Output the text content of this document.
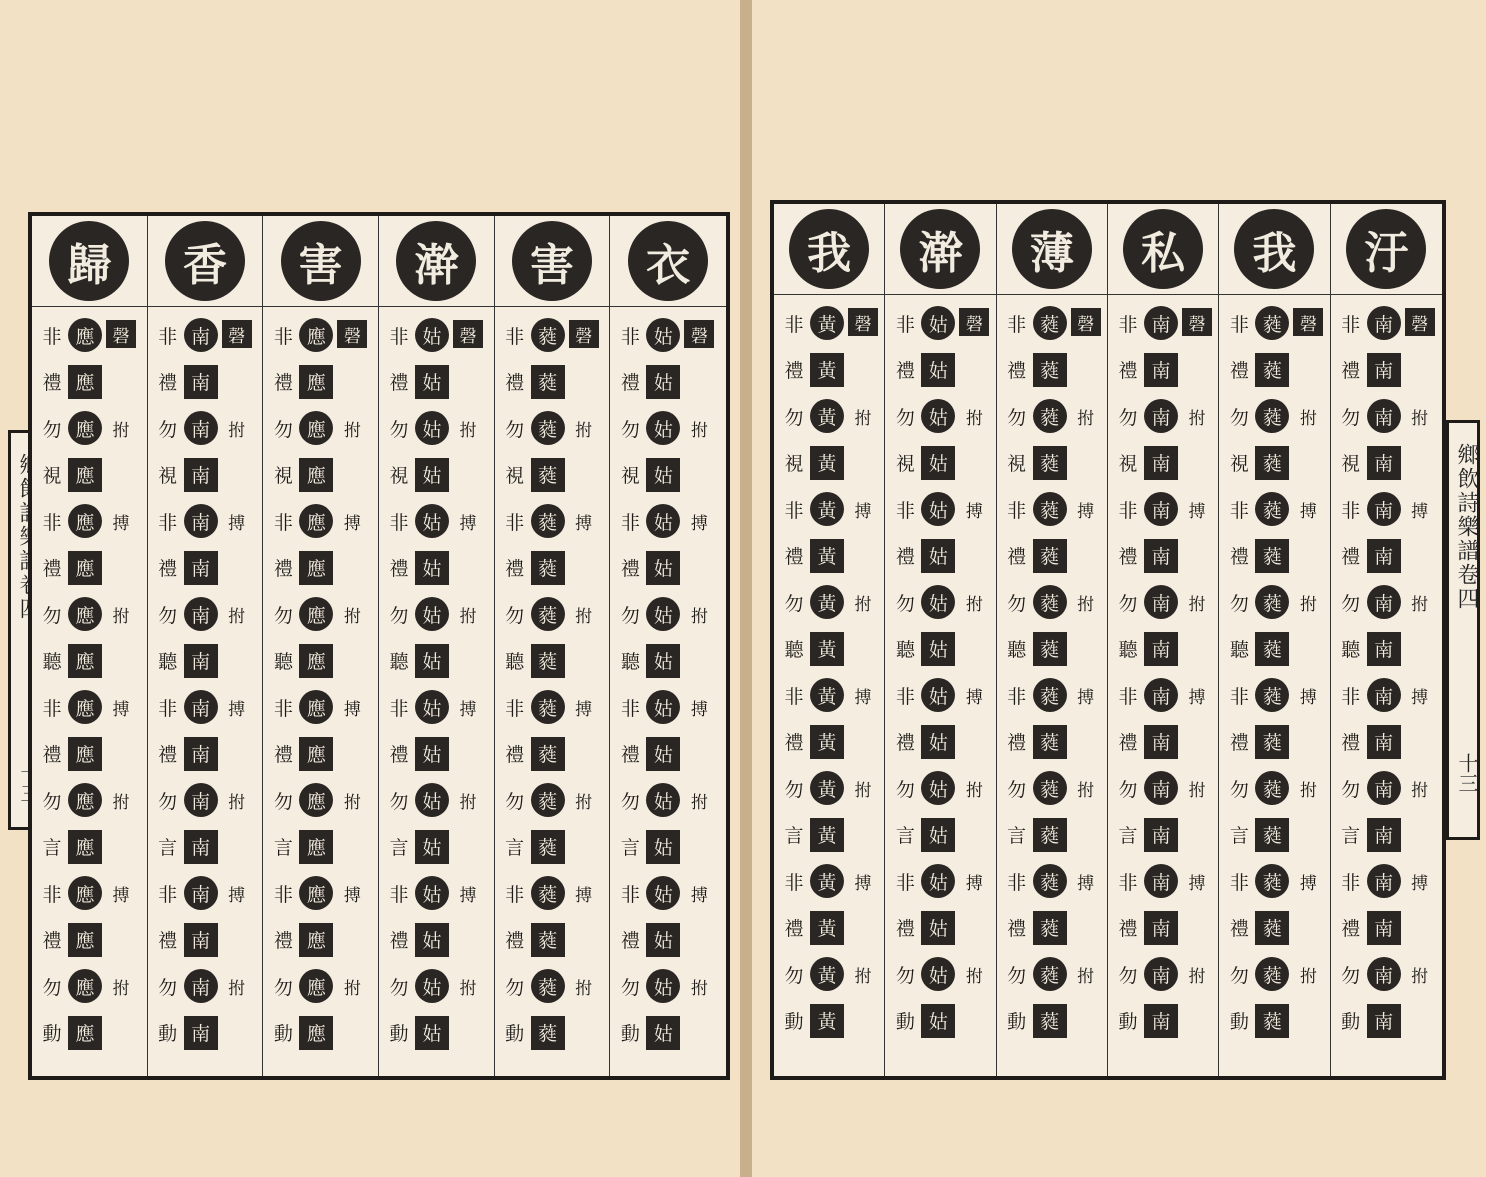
鄉飲詩樂譜卷四
十三
歸
非 應	磬
禮 應
勿 應	拊
視 應
非 應	搏
禮 應
勿 應	拊
聽 應
非 應	搏
禮 應
勿 應	拊
言 應
非 應	搏
禮 應
勿 應	拊
動 應
香
非 南	磬
禮 南
勿 南	拊
視 南
非 南	搏
禮 南
勿 南	拊
聽 南
非 南	搏
禮 南
勿 南	拊
言 南
非 南	搏
禮 南
勿 南	拊
動 南
害
非 應	磬
禮 應
勿 應	拊
視 應
非 應	搏
禮 應
勿 應	拊
聽 應
非 應	搏
禮 應
勿 應	拊
言 應
非 應	搏
禮 應
勿 應	拊
動 應
澣
非 姑	磬
禮 姑
勿 姑	拊
視 姑
非 姑	搏
禮 姑
勿 姑	拊
聽 姑
非 姑	搏
禮 姑
勿 姑	拊
言 姑
非 姑	搏
禮 姑
勿 姑	拊
動 姑
害
非 蕤	磬
禮 蕤
勿 蕤	拊
視 蕤
非 蕤	搏
禮 蕤
勿 蕤	拊
聽 蕤
非 蕤	搏
禮 蕤
勿 蕤	拊
言 蕤
非 蕤	搏
禮 蕤
勿 蕤	拊
動 蕤
衣
非 姑	磬
禮 姑
勿 姑	拊
視 姑
非 姑	搏
禮 姑
勿 姑	拊
聽 姑
非 姑	搏
禮 姑
勿 姑	拊
言 姑
非 姑	搏
禮 姑
勿 姑	拊
動 姑
我
非 黃	磬
禮 黃
勿 黃	拊
視 黃
非 黃	搏
禮 黃
勿 黃	拊
聽 黃
非 黃	搏
禮 黃
勿 黃	拊
言 黃
非 黃	搏
禮 黃
勿 黃	拊
動 黃
澣
非 姑	磬
禮 姑
勿 姑	拊
視 姑
非 姑	搏
禮 姑
勿 姑	拊
聽 姑
非 姑	搏
禮 姑
勿 姑	拊
言 姑
非 姑	搏
禮 姑
勿 姑	拊
動 姑
薄
非 蕤	磬
禮 蕤
勿 蕤	拊
視 蕤
非 蕤	搏
禮 蕤
勿 蕤	拊
聽 蕤
非 蕤	搏
禮 蕤
勿 蕤	拊
言 蕤
非 蕤	搏
禮 蕤
勿 蕤	拊
動 蕤
私
非 南	磬
禮 南
勿 南	拊
視 南
非 南	搏
禮 南
勿 南	拊
聽 南
非 南	搏
禮 南
勿 南	拊
言 南
非 南	搏
禮 南
勿 南	拊
動 南
我
非 蕤	磬
禮 蕤
勿 蕤	拊
視 蕤
非 蕤	搏
禮 蕤
勿 蕤	拊
聽 蕤
非 蕤	搏
禮 蕤
勿 蕤	拊
言 蕤
非 蕤	搏
禮 蕤
勿 蕤	拊
動 蕤
汙
非 南	磬
禮 南
勿 南	拊
視 南
非 南	搏
禮 南
勿 南	拊
聽 南
非 南	搏
禮 南
勿 南	拊
言 南
非 南	搏
禮 南
勿 南	拊
動 南
